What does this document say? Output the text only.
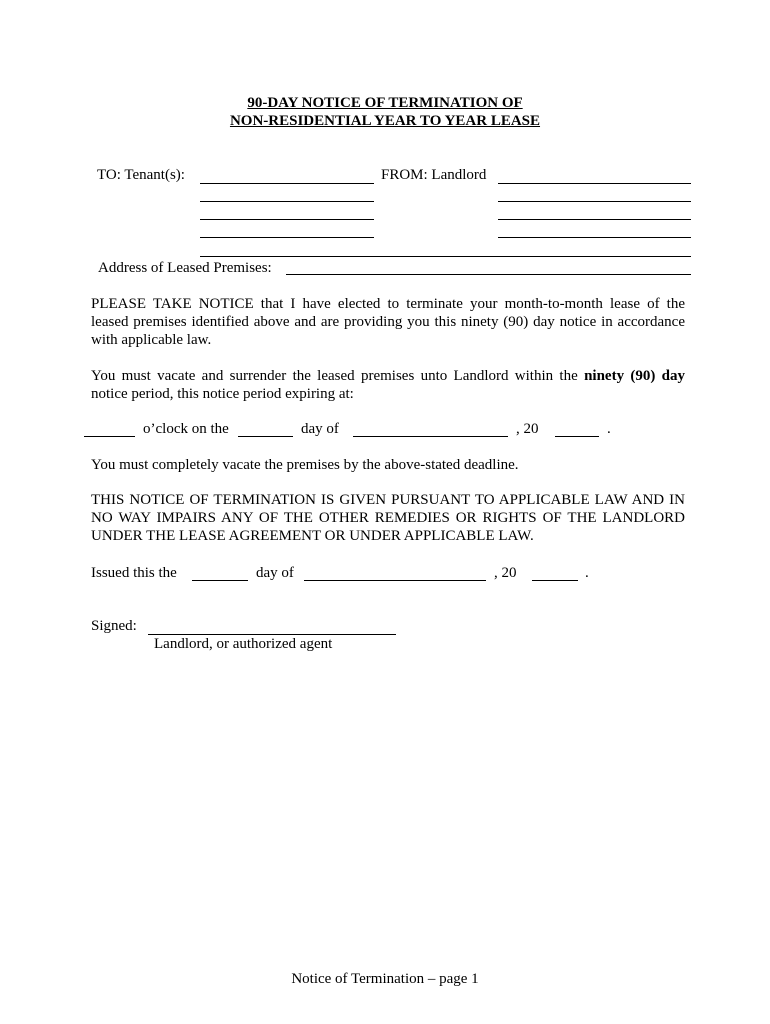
90-DAY NOTICE OF TERMINATION OF
NON-RESIDENTIAL YEAR TO YEAR LEASE
TO: Tenant(s):	FROM: Landlord
Address of Leased Premises:
PLEASE TAKE NOTICE that I have elected to terminate your month-to-month lease of the
leased premises identified above and are providing you this ninety (90) day notice in accordance
with applicable law.
You must vacate and surrender the leased premises unto Landlord within the ninety (90) day
notice period, this notice period expiring at:
o’clock on the	day of	, 20	.
You must completely vacate the premises by the above-stated deadline.
THIS NOTICE OF TERMINATION IS GIVEN PURSUANT TO APPLICABLE LAW AND IN
NO WAY IMPAIRS ANY OF THE OTHER REMEDIES OR RIGHTS OF THE LANDLORD
UNDER THE LEASE AGREEMENT OR UNDER APPLICABLE LAW.
Issued this the	day of	, 20	.
Signed:
Landlord, or authorized agent
Notice of Termination – page 1
